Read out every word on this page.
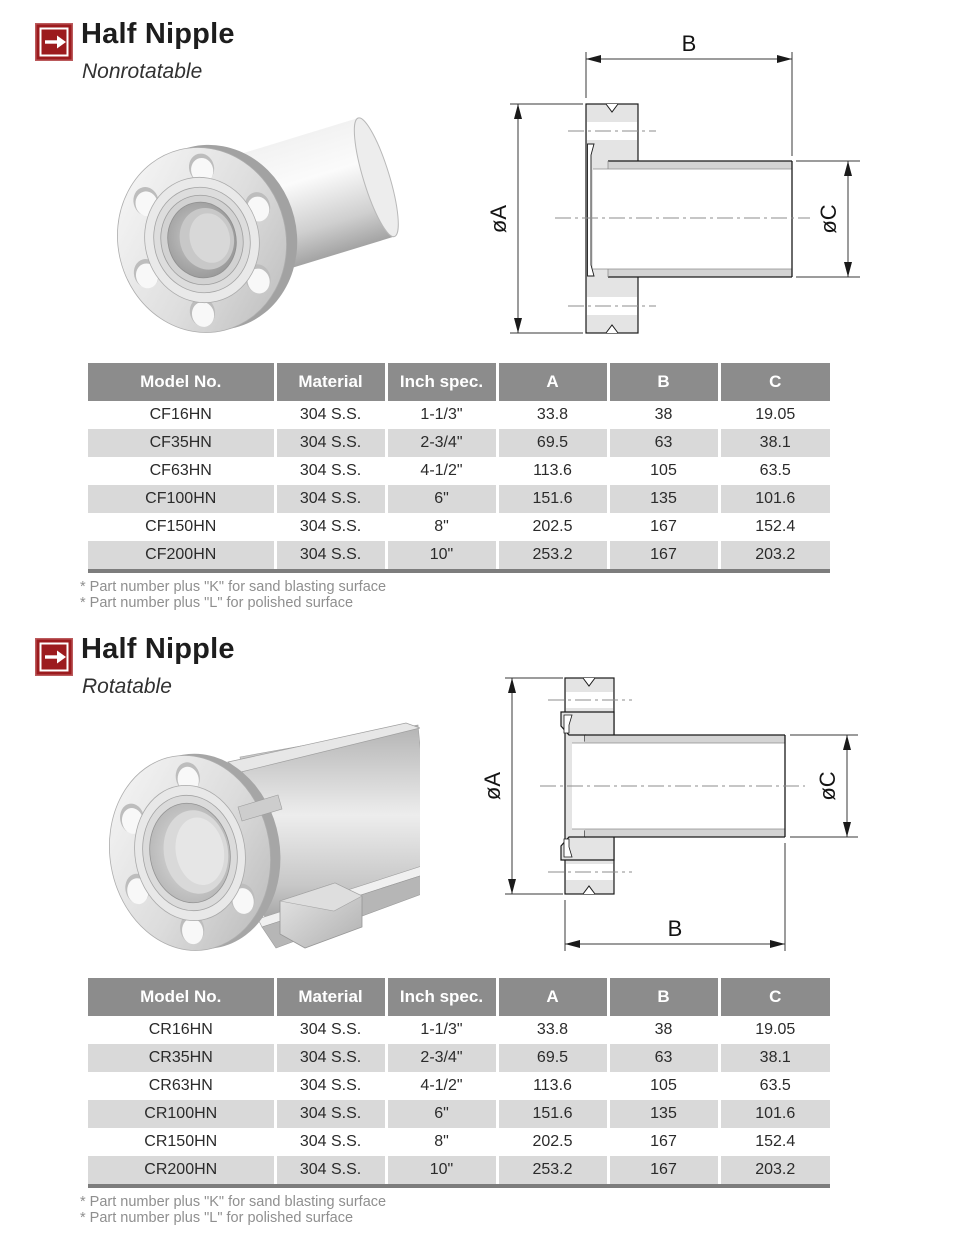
Half Nipple
Nonrotatable
B
øA	øC
Model No.	Material	Inch spec.	A	B	C
CF16HN	304 S.S.	1-1/3"	33.8	38	19.05
CF35HN	304 S.S.	2-3/4"	69.5	63	38.1
CF63HN	304 S.S.	4-1/2"	113.6	105	63.5
CF100HN	304 S.S.	6"	151.6	135	101.6
CF150HN	304 S.S.	8"	202.5	167	152.4
CF200HN	304 S.S.	10"	253.2	167	203.2
* Part number plus "K" for sand blasting surface
* Part number plus "L" for polished surface
Half Nipple
Rotatable
øA	øC
B
Model No.	Material	Inch spec.	A	B	C
CR16HN	304 S.S.	1-1/3"	33.8	38	19.05
CR35HN	304 S.S.	2-3/4"	69.5	63	38.1
CR63HN	304 S.S.	4-1/2"	113.6	105	63.5
CR100HN	304 S.S.	6"	151.6	135	101.6
CR150HN	304 S.S.	8"	202.5	167	152.4
CR200HN	304 S.S.	10"	253.2	167	203.2
* Part number plus "K" for sand blasting surface
* Part number plus "L" for polished surface
